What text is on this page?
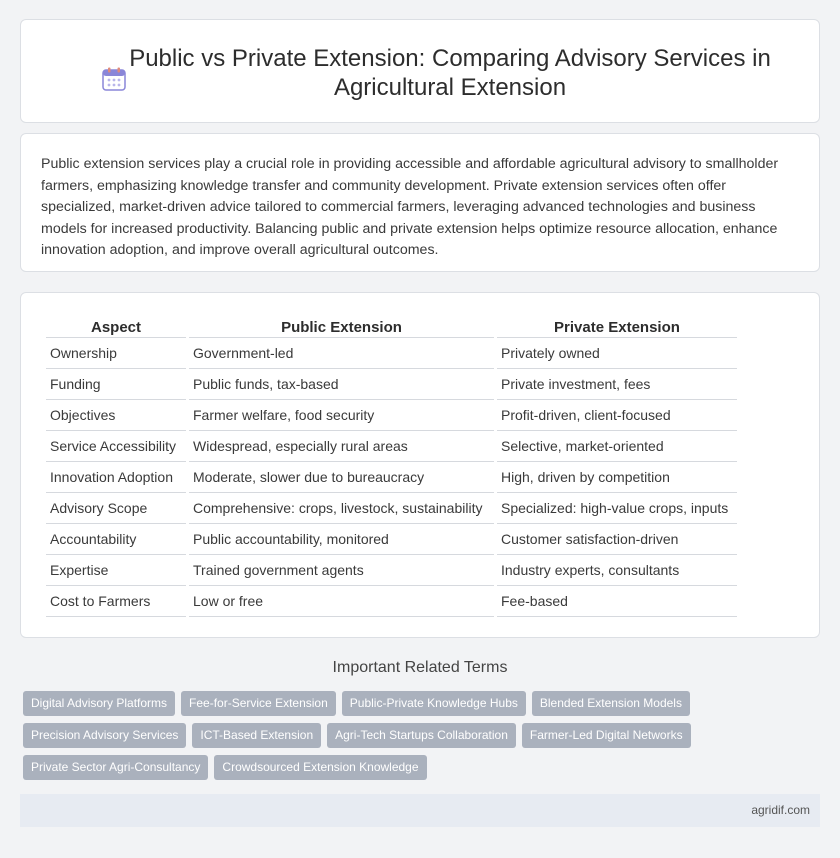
Public vs Private Extension: Comparing Advisory Services in Agricultural Extension

Public extension services play a crucial role in providing accessible and affordable agricultural advisory to smallholder farmers, emphasizing knowledge transfer and community development. Private extension services often offer specialized, market-driven advice tailored to commercial farmers, leveraging advanced technologies and business models for increased productivity. Balancing public and private extension helps optimize resource allocation, enhance innovation adoption, and improve overall agricultural outcomes.

Aspect	Public Extension	Private Extension
Ownership	Government-led	Privately owned
Funding	Public funds, tax-based	Private investment, fees
Objectives	Farmer welfare, food security	Profit-driven, client-focused
Service Accessibility	Widespread, especially rural areas	Selective, market-oriented
Innovation Adoption	Moderate, slower due to bureaucracy	High, driven by competition
Advisory Scope	Comprehensive: crops, livestock, sustainability	Specialized: high-value crops, inputs
Accountability	Public accountability, monitored	Customer satisfaction-driven
Expertise	Trained government agents	Industry experts, consultants
Cost to Farmers	Low or free	Fee-based
Important Related Terms
Digital Advisory Platforms	Fee-for-Service Extension	Public-Private Knowledge Hubs	Blended Extension Models
Precision Advisory Services	ICT-Based Extension	Agri-Tech Startups Collaboration	Farmer-Led Digital Networks
Private Sector Agri-Consultancy	Crowdsourced Extension Knowledge
agridif.com
